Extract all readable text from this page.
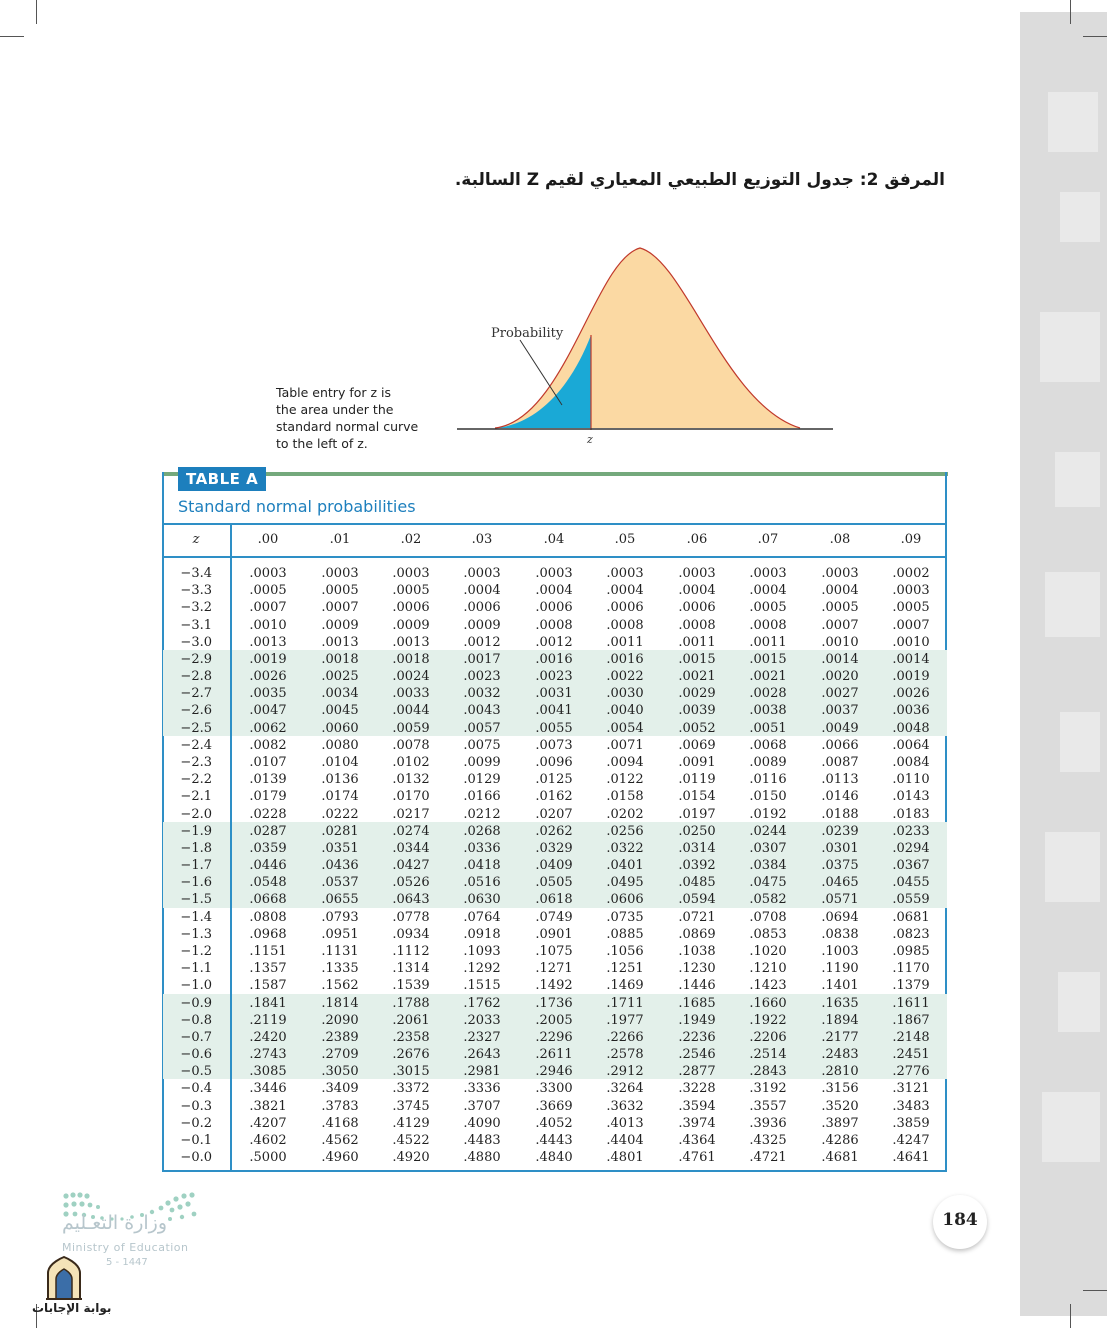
المرفق 2: جدول التوزيع الطبيعي المعياري لقيم Z السالبة.
Probability
z
Table entry for z is
the area under the
standard normal curve
to the left of z.
TABLE A
Standard normal probabilities
z	.00	.01	.02	.03	.04	.05	.06	.07	.08	.09
−3.4	.0003	.0003	.0003	.0003	.0003	.0003	.0003	.0003	.0003	.0002
−3.3	.0005	.0005	.0005	.0004	.0004	.0004	.0004	.0004	.0004	.0003
−3.2	.0007	.0007	.0006	.0006	.0006	.0006	.0006	.0005	.0005	.0005
−3.1	.0010	.0009	.0009	.0009	.0008	.0008	.0008	.0008	.0007	.0007
−3.0	.0013	.0013	.0013	.0012	.0012	.0011	.0011	.0011	.0010	.0010
−2.9	.0019	.0018	.0018	.0017	.0016	.0016	.0015	.0015	.0014	.0014
−2.8	.0026	.0025	.0024	.0023	.0023	.0022	.0021	.0021	.0020	.0019
−2.7	.0035	.0034	.0033	.0032	.0031	.0030	.0029	.0028	.0027	.0026
−2.6	.0047	.0045	.0044	.0043	.0041	.0040	.0039	.0038	.0037	.0036
−2.5	.0062	.0060	.0059	.0057	.0055	.0054	.0052	.0051	.0049	.0048
−2.4	.0082	.0080	.0078	.0075	.0073	.0071	.0069	.0068	.0066	.0064
−2.3	.0107	.0104	.0102	.0099	.0096	.0094	.0091	.0089	.0087	.0084
−2.2	.0139	.0136	.0132	.0129	.0125	.0122	.0119	.0116	.0113	.0110
−2.1	.0179	.0174	.0170	.0166	.0162	.0158	.0154	.0150	.0146	.0143
−2.0	.0228	.0222	.0217	.0212	.0207	.0202	.0197	.0192	.0188	.0183
−1.9	.0287	.0281	.0274	.0268	.0262	.0256	.0250	.0244	.0239	.0233
−1.8	.0359	.0351	.0344	.0336	.0329	.0322	.0314	.0307	.0301	.0294
−1.7	.0446	.0436	.0427	.0418	.0409	.0401	.0392	.0384	.0375	.0367
−1.6	.0548	.0537	.0526	.0516	.0505	.0495	.0485	.0475	.0465	.0455
−1.5	.0668	.0655	.0643	.0630	.0618	.0606	.0594	.0582	.0571	.0559
−1.4	.0808	.0793	.0778	.0764	.0749	.0735	.0721	.0708	.0694	.0681
−1.3	.0968	.0951	.0934	.0918	.0901	.0885	.0869	.0853	.0838	.0823
−1.2	.1151	.1131	.1112	.1093	.1075	.1056	.1038	.1020	.1003	.0985
−1.1	.1357	.1335	.1314	.1292	.1271	.1251	.1230	.1210	.1190	.1170
−1.0	.1587	.1562	.1539	.1515	.1492	.1469	.1446	.1423	.1401	.1379
−0.9	.1841	.1814	.1788	.1762	.1736	.1711	.1685	.1660	.1635	.1611
−0.8	.2119	.2090	.2061	.2033	.2005	.1977	.1949	.1922	.1894	.1867
−0.7	.2420	.2389	.2358	.2327	.2296	.2266	.2236	.2206	.2177	.2148
−0.6	.2743	.2709	.2676	.2643	.2611	.2578	.2546	.2514	.2483	.2451
−0.5	.3085	.3050	.3015	.2981	.2946	.2912	.2877	.2843	.2810	.2776
−0.4	.3446	.3409	.3372	.3336	.3300	.3264	.3228	.3192	.3156	.3121
−0.3	.3821	.3783	.3745	.3707	.3669	.3632	.3594	.3557	.3520	.3483
−0.2	.4207	.4168	.4129	.4090	.4052	.4013	.3974	.3936	.3897	.3859
−0.1	.4602	.4562	.4522	.4483	.4443	.4404	.4364	.4325	.4286	.4247
−0.0	.5000	.4960	.4920	.4880	.4840	.4801	.4761	.4721	.4681	.4641
وزارة التعـليم
Ministry of Education
5 - 1447
بوابة الإجابات
184
